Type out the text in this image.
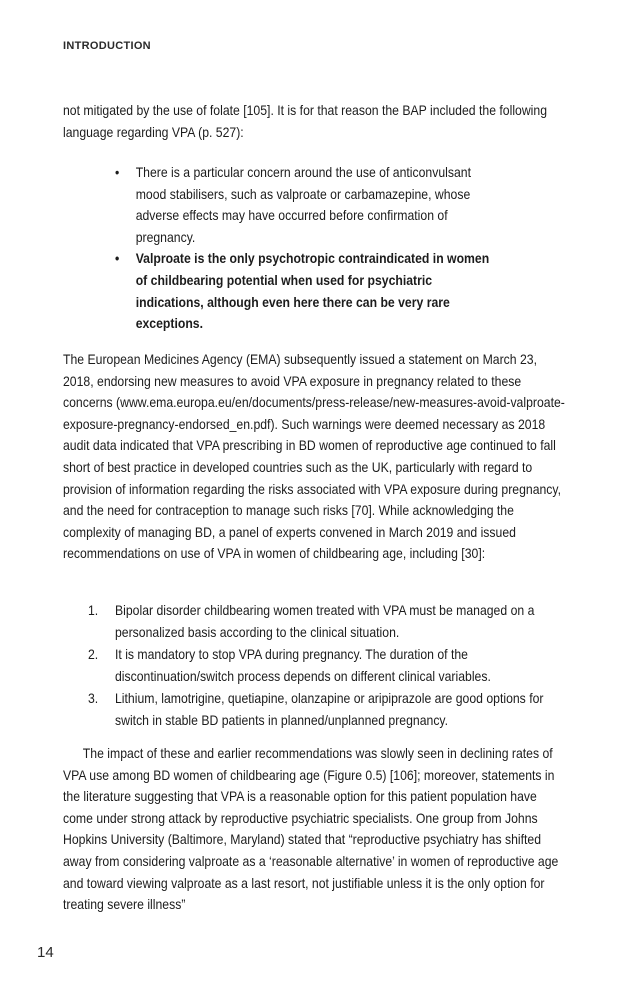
INTRODUCTION

not mitigated by the use of folate [105]. It is for that reason the BAP included the following language regarding VPA (p. 527):

• There is a particular concern around the use of anticonvulsant mood stabilisers, such as valproate or carbamazepine, whose adverse effects may have occurred before confirmation of pregnancy.
• Valproate is the only psychotropic contraindicated in women of childbearing potential when used for psychiatric indications, although even here there can be very rare exceptions.

The European Medicines Agency (EMA) subsequently issued a statement on March 23, 2018, endorsing new measures to avoid VPA exposure in pregnancy related to these concerns (www.ema.europa.eu/en/documents/press-release/new-measures-avoid-valproate-exposure-pregnancy-endorsed_en.pdf). Such warnings were deemed necessary as 2018 audit data indicated that VPA prescribing in BD women of reproductive age continued to fall short of best practice in developed countries such as the UK, particularly with regard to provision of information regarding the risks associated with VPA exposure during pregnancy, and the need for contraception to manage such risks [70]. While acknowledging the complexity of managing BD, a panel of experts convened in March 2019 and issued recommendations on use of VPA in women of childbearing age, including [30]:

1. Bipolar disorder childbearing women treated with VPA must be managed on a personalized basis according to the clinical situation.
2. It is mandatory to stop VPA during pregnancy. The duration of the discontinuation/switch process depends on different clinical variables.
3. Lithium, lamotrigine, quetiapine, olanzapine or aripiprazole are good options for switch in stable BD patients in planned/unplanned pregnancy.

The impact of these and earlier recommendations was slowly seen in declining rates of VPA use among BD women of childbearing age (Figure 0.5) [106]; moreover, statements in the literature suggesting that VPA is a reasonable option for this patient population have come under strong attack by reproductive psychiatric specialists. One group from Johns Hopkins University (Baltimore, Maryland) stated that “reproductive psychiatry has shifted away from considering valproate as a ‘reasonable alternative’ in women of reproductive age and toward viewing valproate as a last resort, not justifiable unless it is the only option for treating severe illness”

14
